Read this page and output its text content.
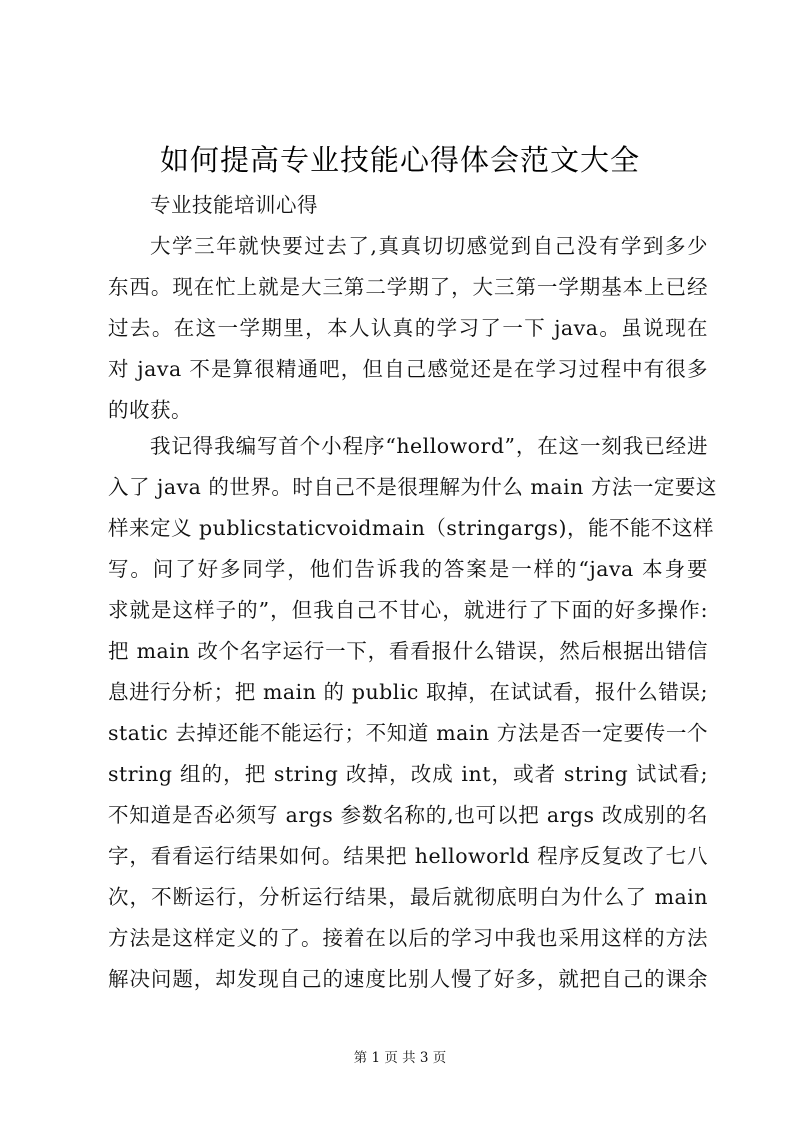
如何提高专业技能心得体会范文大全
专业技能培训心得
大学三年就快要过去了,真真切切感觉到自己没有学到多少
东西。现在忙上就是大三第二学期了，大三第一学期基本上已经
过去。在这一学期里，本人认真的学习了一下 java。虽说现在
对 java 不是算很精通吧，但自己感觉还是在学习过程中有很多
的收获。
我记得我编写首个小程序“helloword”，在这一刻我已经进
入了 java 的世界。时自己不是很理解为什么 main 方法一定要这
样来定义 publicstaticvoidmain（stringargs)，能不能不这样
写。问了好多同学，他们告诉我的答案是一样的“java 本身要
求就是这样子的”，但我自己不甘心，就进行了下面的好多操作:
把 main 改个名字运行一下，看看报什么错误，然后根据出错信
息进行分析；把 main 的 public 取掉，在试试看，报什么错误;
static 去掉还能不能运行；不知道 main 方法是否一定要传一个
string 组的，把 string 改掉，改成 int，或者 string 试试看;
不知道是否必须写 args 参数名称的,也可以把 args 改成别的名
字，看看运行结果如何。结果把 helloworld 程序反复改了七八
次，不断运行，分析运行结果，最后就彻底明白为什么了 main
方法是这样定义的了。接着在以后的学习中我也采用这样的方法
解决问题，却发现自己的速度比别人慢了好多，就把自己的课余
第 1 页 共 3 页
